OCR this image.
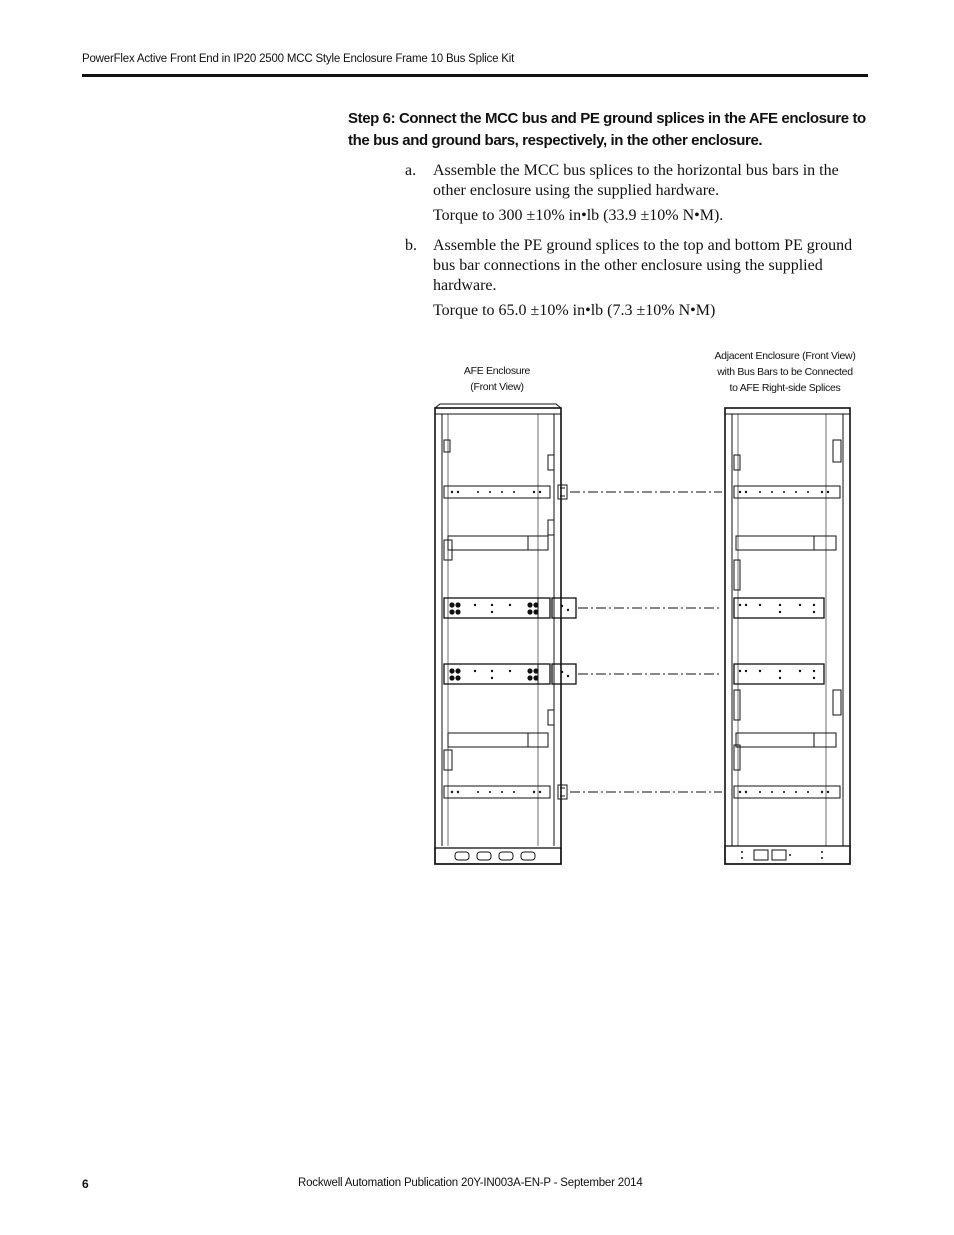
PowerFlex Active Front End in IP20 2500 MCC Style Enclosure Frame 10 Bus Splice Kit
Step 6: Connect the MCC bus and PE ground splices in the AFE enclosure to the bus and ground bars, respectively, in the other enclosure.
a. Assemble the MCC bus splices to the horizontal bus bars in the other enclosure using the supplied hardware.
Torque to 300 ±10% in•lb (33.9 ±10% N•M).
b. Assemble the PE ground splices to the top and bottom PE ground bus bar connections in the other enclosure using the supplied hardware.
Torque to 65.0 ±10% in•lb (7.3 ±10% N•M)
AFE Enclosure
(Front View)
Adjacent Enclosure (Front View)
with Bus Bars to be Connected
to AFE Right-side Splices
6	Rockwell Automation Publication 20Y-IN003A-EN-P - September 2014
